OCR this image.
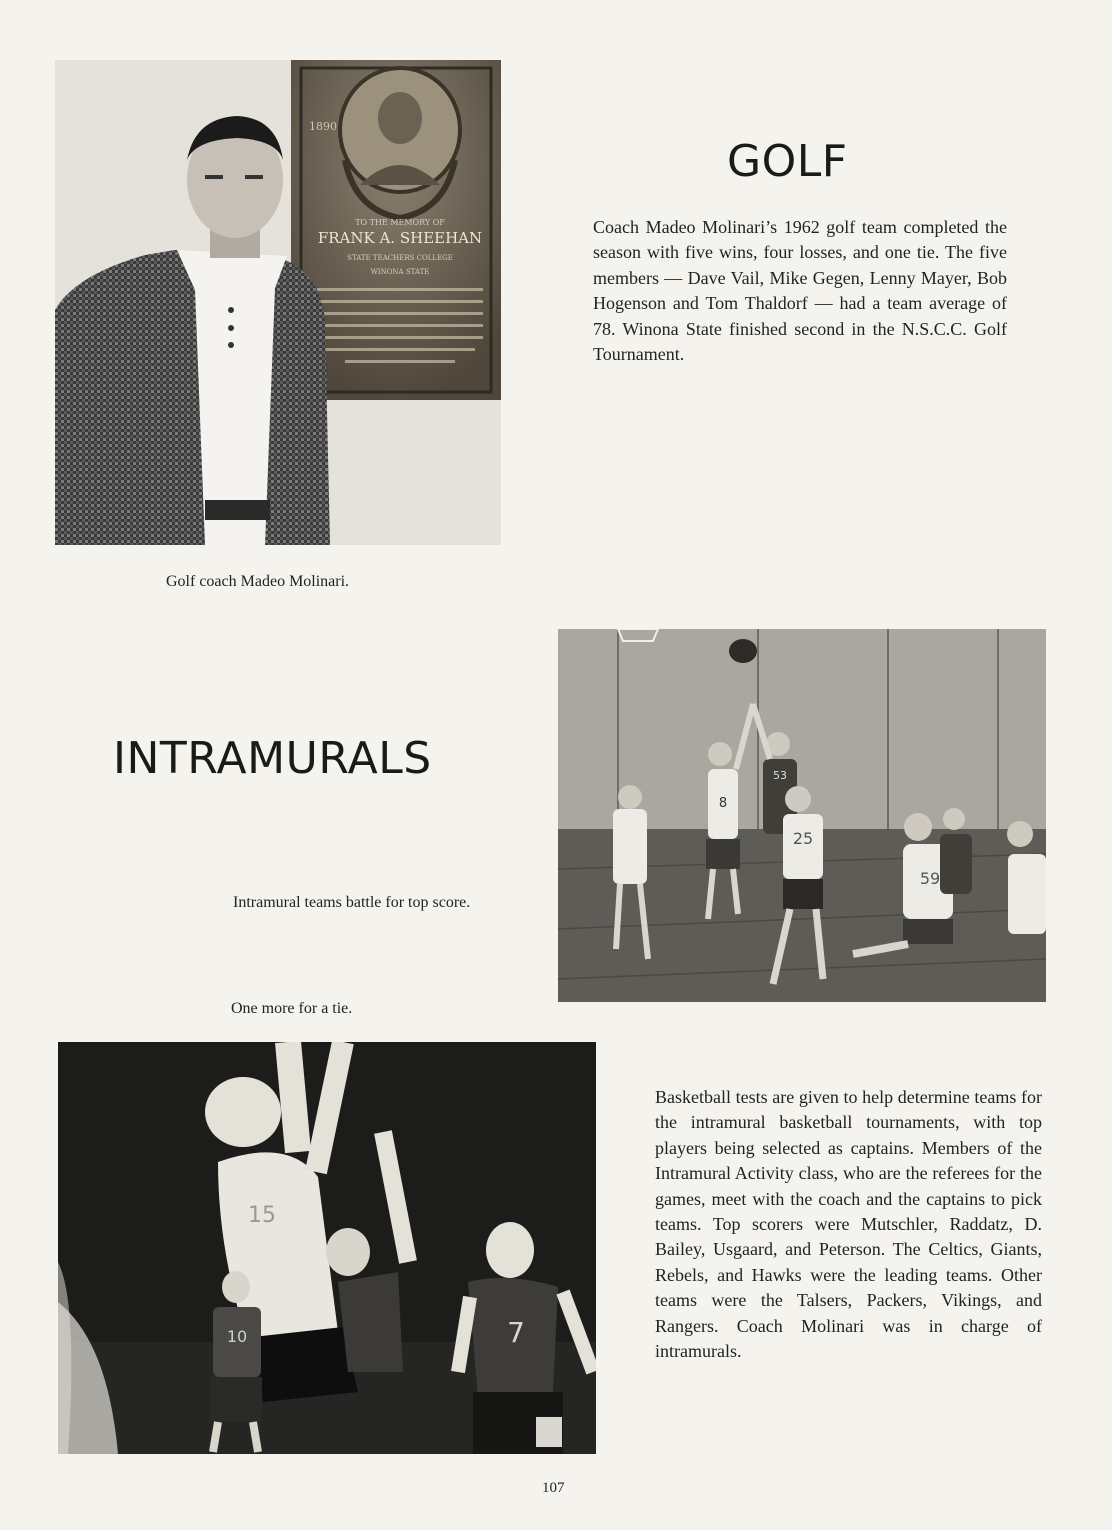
1890
TO THE MEMORY OF
FRANK A. SHEEHAN
STATE TEACHERS COLLEGE
WINONA STATE
GOLF

Coach Madeo Molinari’s 1962 golf team completed the season with five wins, four losses, and one tie. The five members — Dave Vail, Mike Gegen, Lenny Mayer, Bob Hogenson and Tom Thaldorf — had a team average of 78. Winona State finished second in the N.S.C.C. Golf Tournament.

Golf coach Madeo Molinari.

INTRAMURALS
8
53
25
59

Intramural teams battle for top score.

One more for a tie.

15
10	7

Basketball tests are given to help determine teams for the intramural basketball tournaments, with top players being selected as captains. Members of the Intramural Activity class, who are the referees for the games, meet with the coach and the captains to pick teams. Top scorers were Mutschler, Raddatz, D. Bailey, Usgaard, and Peterson. The Celtics, Giants, Rebels, and Hawks were the leading teams. Other teams were the Talsers, Packers, Vikings, and Rangers. Coach Molinari was in charge of intramurals.

107
